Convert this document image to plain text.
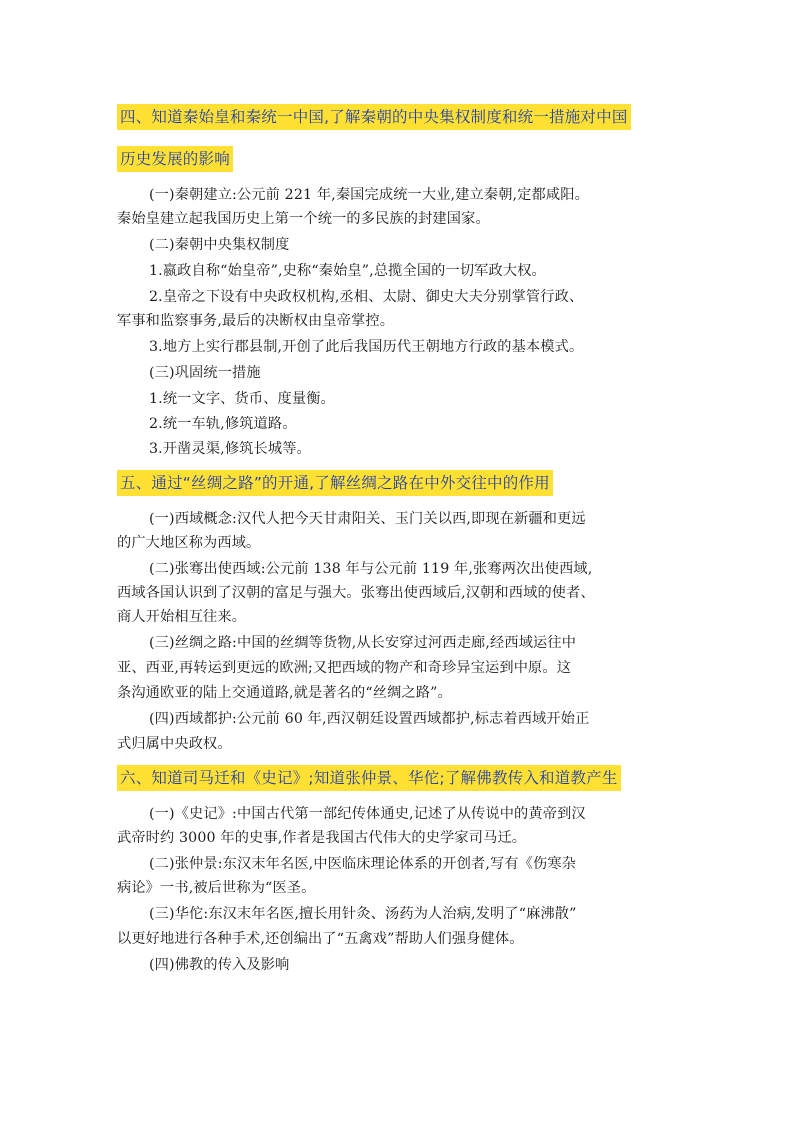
四、知道秦始皇和秦统一中国,了解秦朝的中央集权制度和统一措施对中国
历史发展的影响
(一)秦朝建立:公元前 221 年,秦国完成统一大业,建立秦朝,定都咸阳。
秦始皇建立起我国历史上第一个统一的多民族的封建国家。
(二)秦朝中央集权制度
1.嬴政自称“始皇帝”,史称“秦始皇”,总揽全国的一切军政大权。
2.皇帝之下设有中央政权机构,丞相、太尉、御史大夫分别掌管行政、
军事和监察事务,最后的决断权由皇帝掌控。
3.地方上实行郡县制,开创了此后我国历代王朝地方行政的基本模式。
(三)巩固统一措施
1.统一文字、货币、度量衡。
2.统一车轨,修筑道路。
3.开凿灵渠,修筑长城等。
五、通过“丝绸之路”的开通,了解丝绸之路在中外交往中的作用
(一)西域概念:汉代人把今天甘肃阳关、玉门关以西,即现在新疆和更远
的广大地区称为西域。
(二)张骞出使西域:公元前 138 年与公元前 119 年,张骞两次出使西域,
西域各国认识到了汉朝的富足与强大。张骞出使西域后,汉朝和西域的使者、
商人开始相互往来。
(三)丝绸之路:中国的丝绸等货物,从长安穿过河西走廊,经西域运往中
亚、西亚,再转运到更远的欧洲;又把西域的物产和奇珍异宝运到中原。这
条沟通欧亚的陆上交通道路,就是著名的“丝绸之路”。
(四)西域都护:公元前 60 年,西汉朝廷设置西域都护,标志着西域开始正
式归属中央政权。
六、知道司马迁和《史记》;知道张仲景、华佗;了解佛教传入和道教产生
(一)《史记》:中国古代第一部纪传体通史,记述了从传说中的黄帝到汉
武帝时约 3000 年的史事,作者是我国古代伟大的史学家司马迁。
(二)张仲景:东汉末年名医,中医临床理论体系的开创者,写有《伤寒杂
病论》一书,被后世称为“医圣。
(三)华佗:东汉末年名医,擅长用针灸、汤药为人治病,发明了“麻沸散”
以更好地进行各种手术,还创编出了“五禽戏”帮助人们强身健体。
(四)佛教的传入及影响
